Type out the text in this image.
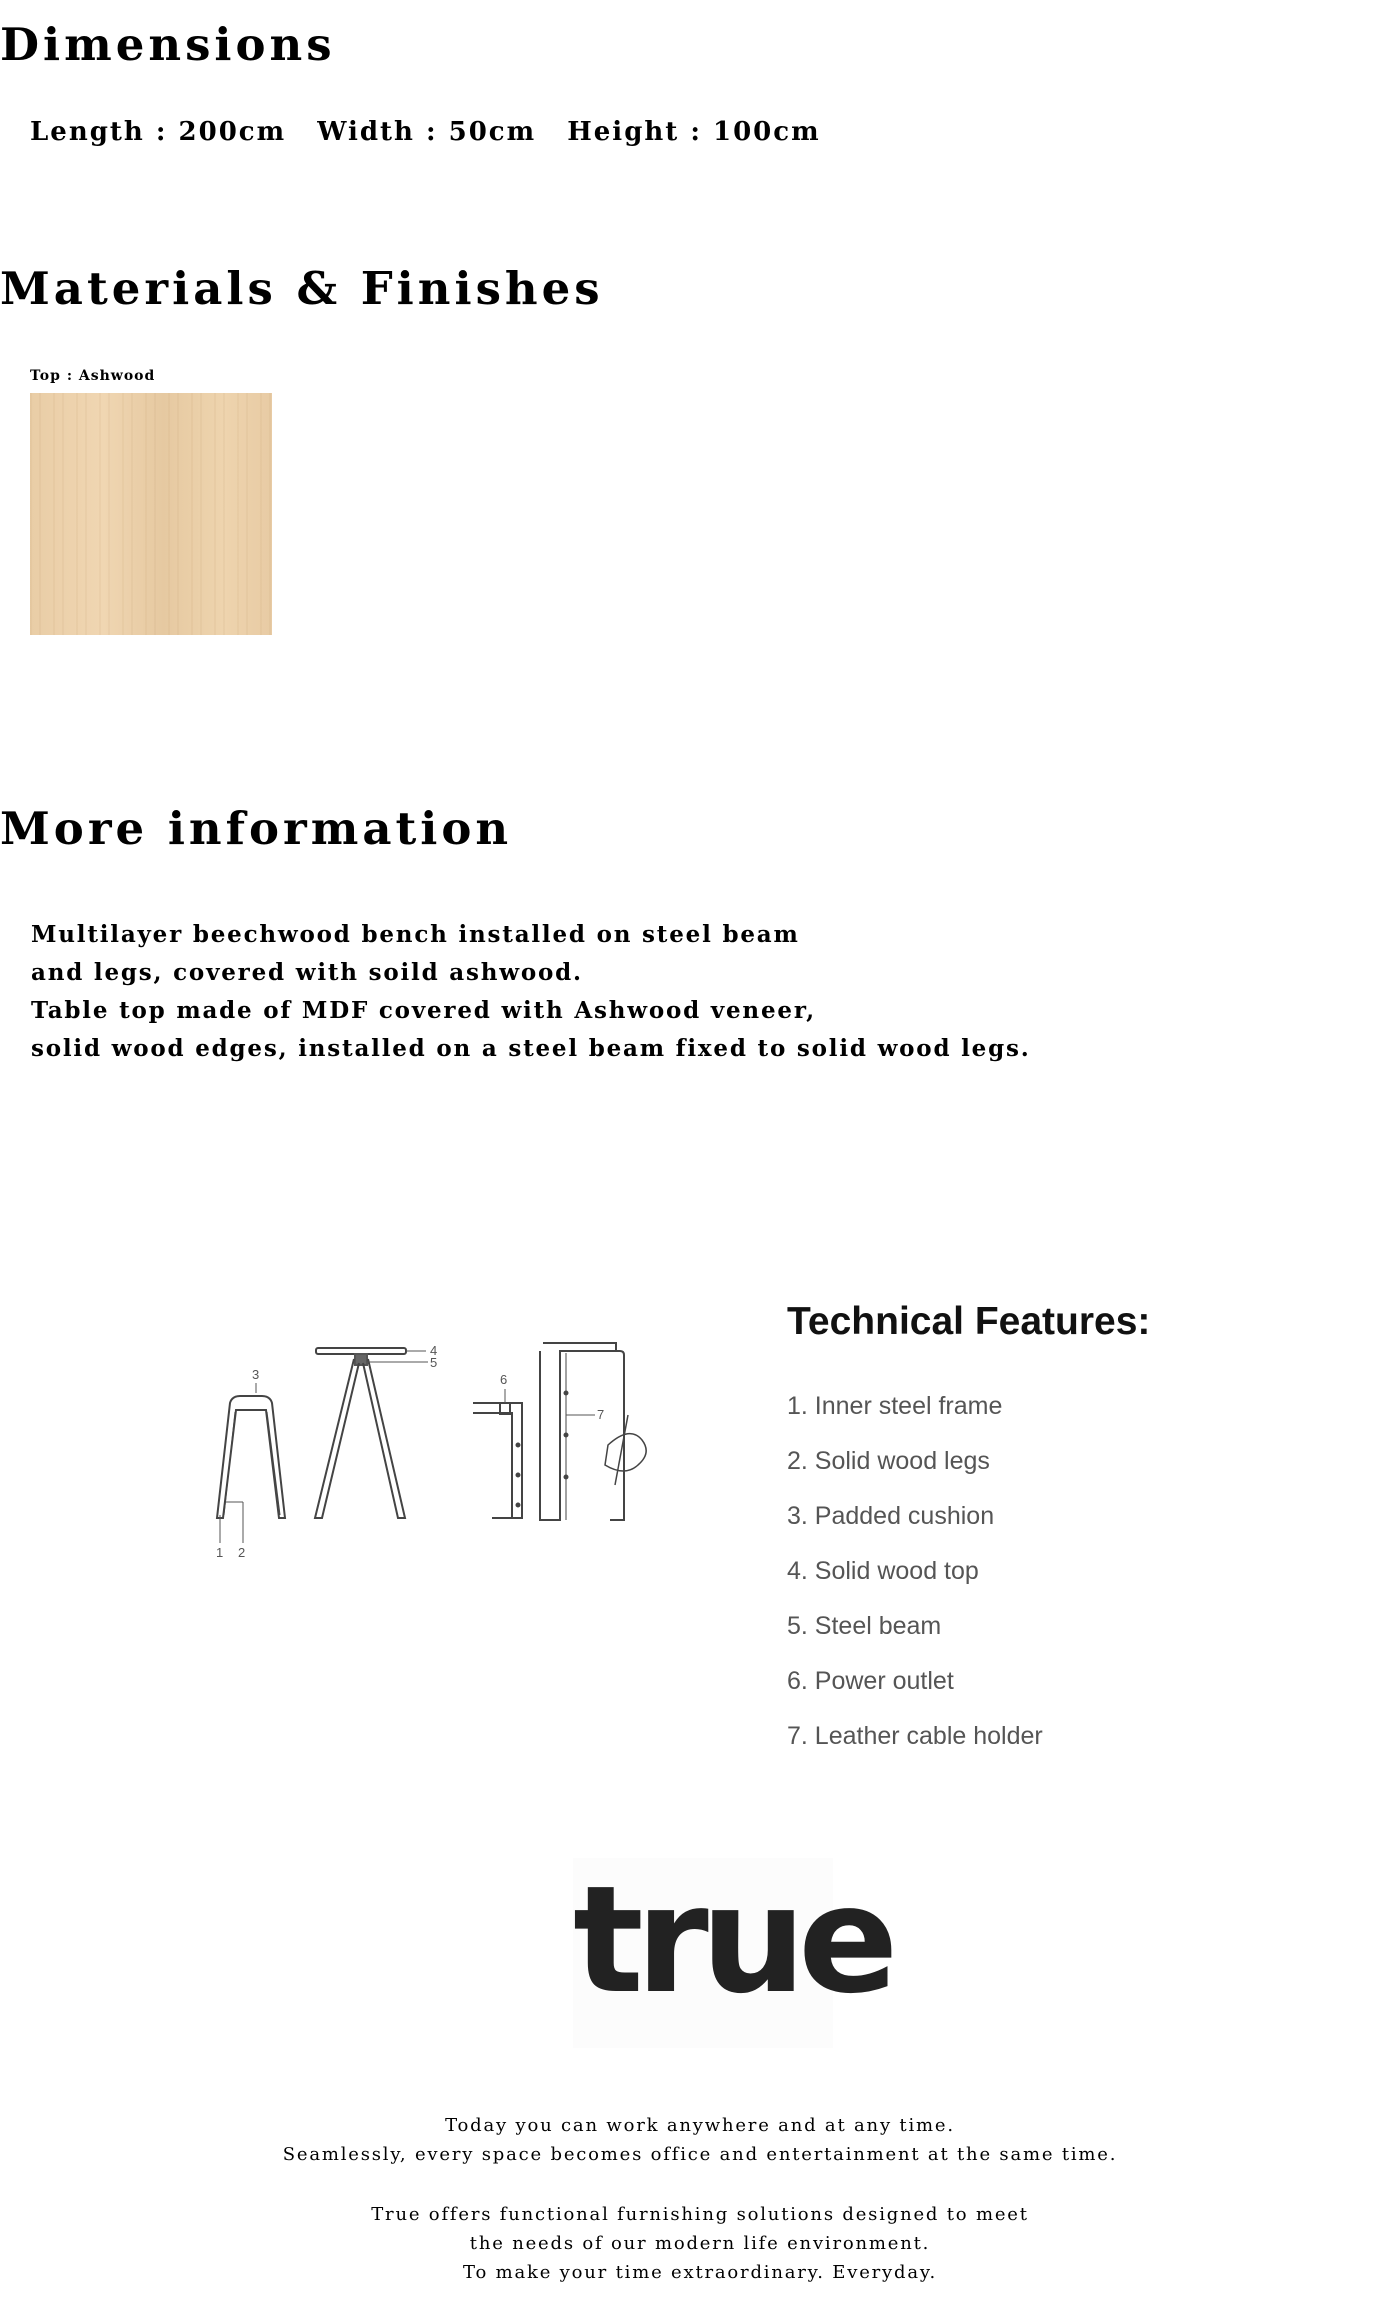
Dimensions
Length : 200cm Width : 50cm Height : 100cm
Materials & Finishes
Top : Ashwood
More information
Multilayer beechwood bench installed on steel beam
and legs, covered with soild ashwood.
Table top made of MDF covered with Ashwood veneer,
solid wood edges, installed on a steel beam fixed to solid wood legs.
1 2
3
4
5
6
7
Technical Features:
1. Inner steel frame
2. Solid wood legs
3. Padded cushion
4. Solid wood top
5. Steel beam
6. Power outlet
7. Leather cable holder
true
Today you can work anywhere and at any time.
Seamlessly, every space becomes office and entertainment at the same time.
True offers functional furnishing solutions designed to meet
the needs of our modern life environment.
To make your time extraordinary. Everyday.
